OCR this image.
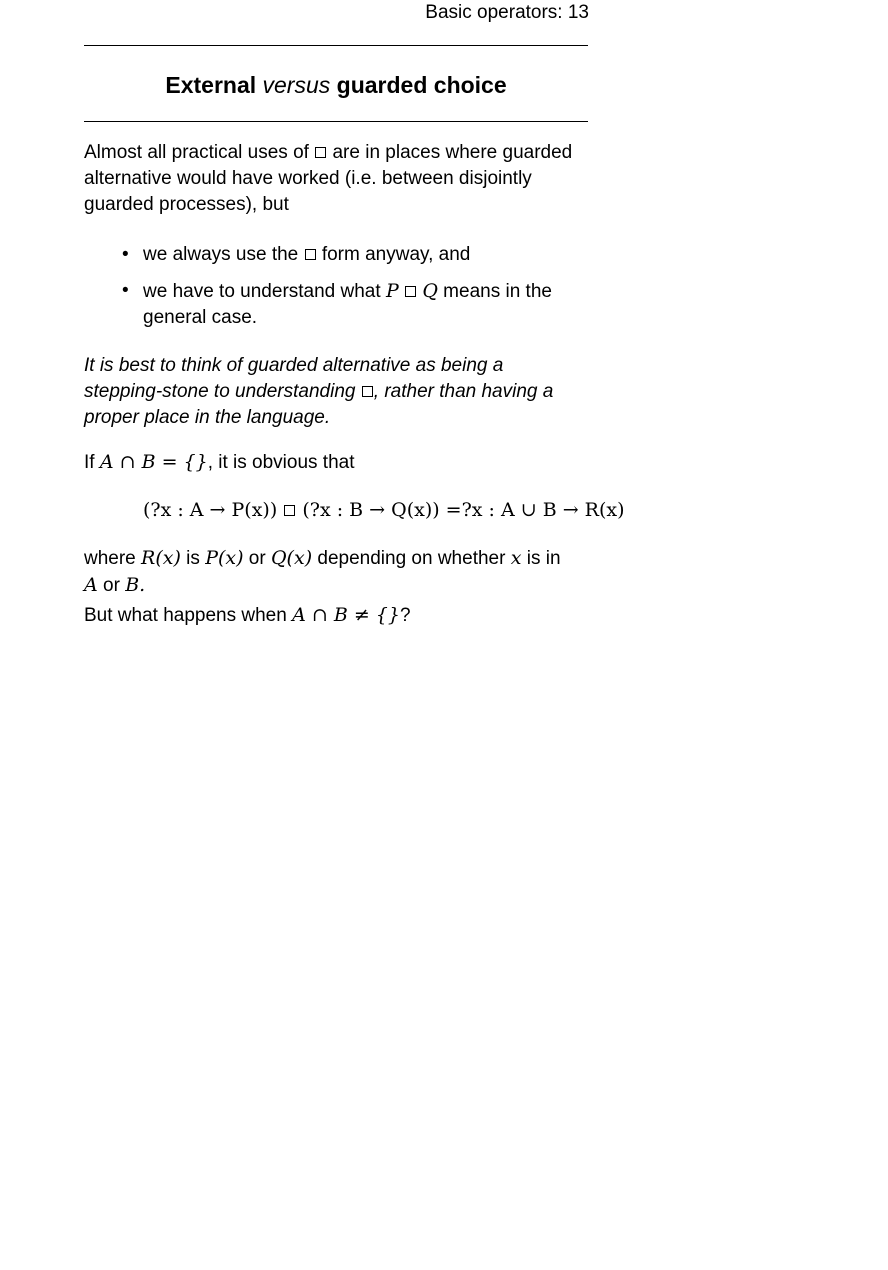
Basic operators: 13
External versus guarded choice
Almost all practical uses of are in places where guarded
alternative would have worked (i.e. between disjointly
guarded processes), but
• we always use the form anyway, and
• we have to understand what P Q means in the
general case.
It is best to think of guarded alternative as being a
stepping-stone to understanding , rather than having a
proper place in the language.
If A ∩ B = {}, it is obvious that
(?x : A → P(x)) (?x : B → Q(x)) =?x : A ∪ B → R(x)
where R(x) is P(x) or Q(x) depending on whether x is in
A or B.
But what happens when A ∩ B ≠ {}?
